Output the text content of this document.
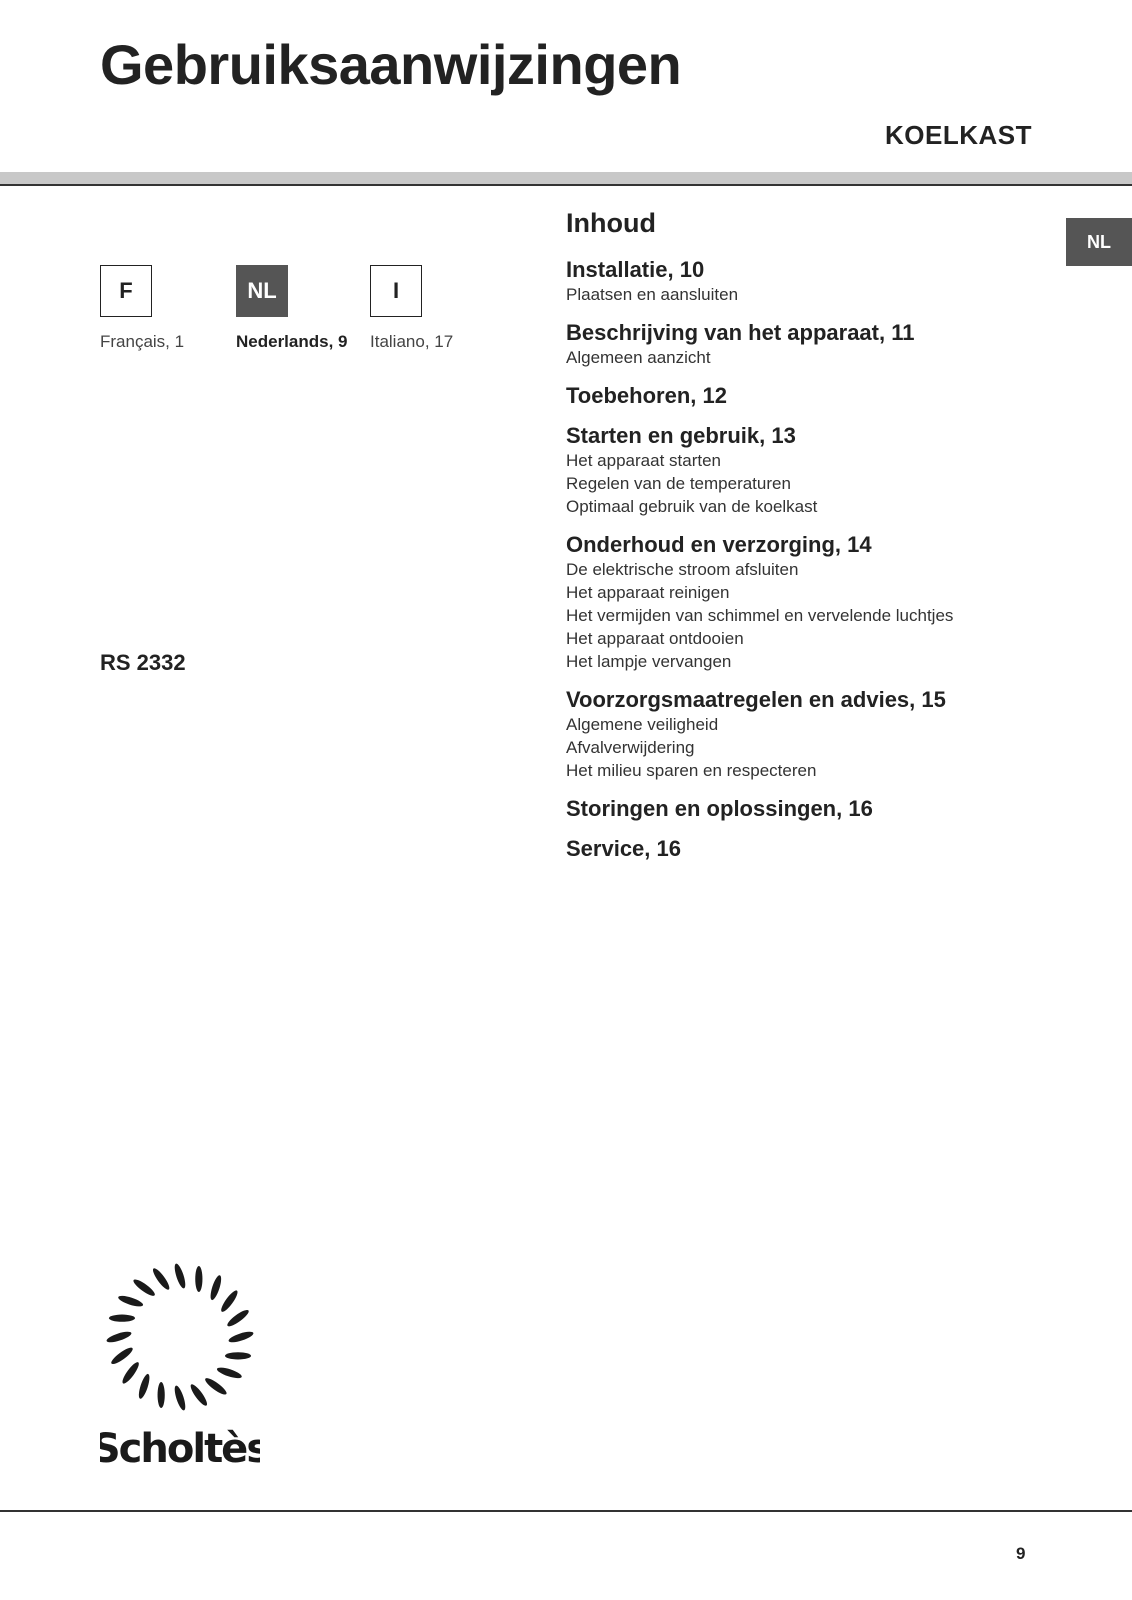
Gebruiksaanwijzingen
KOELKAST
NL
F
Français, 1
NL
Nederlands, 9
I
Italiano, 17
RS 2332
Inhoud
Installatie, 10
Plaatsen en aansluiten
Beschrijving van het apparaat, 11
Algemeen aanzicht
Toebehoren, 12
Starten en gebruik, 13
Het apparaat starten
Regelen van de temperaturen
Optimaal gebruik van de koelkast
Onderhoud en verzorging, 14
De elektrische stroom afsluiten
Het apparaat reinigen
Het vermijden van schimmel en vervelende luchtjes
Het apparaat ontdooien
Het lampje vervangen
Voorzorgsmaatregelen en advies, 15
Algemene veiligheid
Afvalverwijdering
Het milieu sparen en respecteren
Storingen en oplossingen, 16
Service, 16
Scholtès
9
